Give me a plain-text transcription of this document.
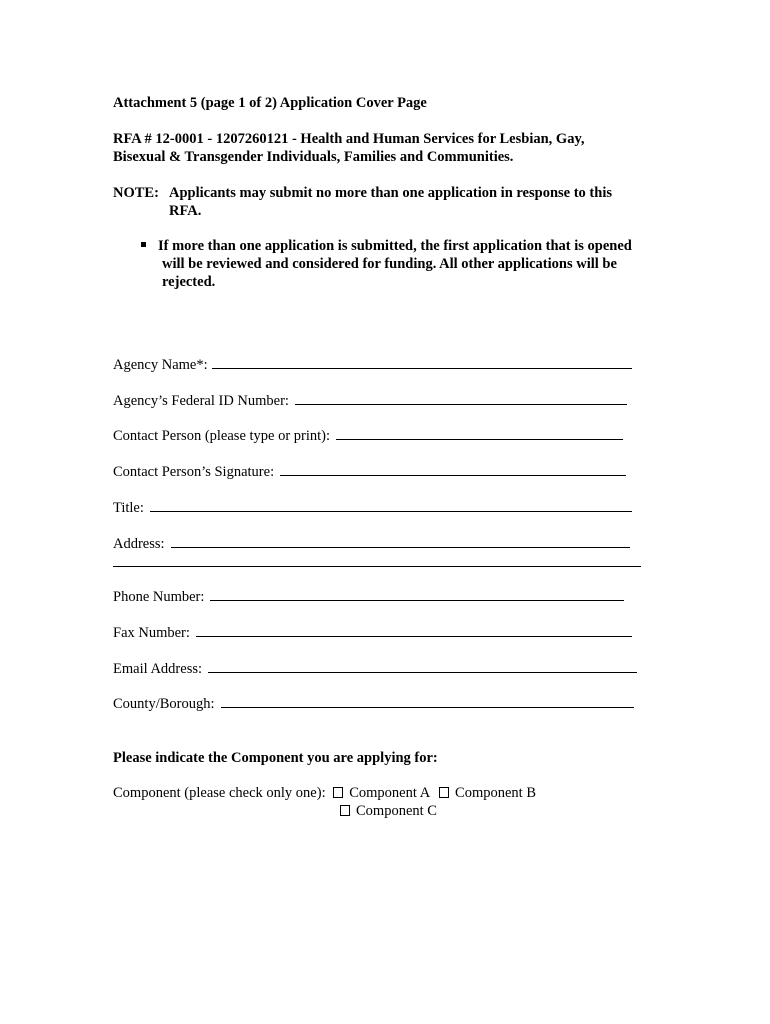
Attachment 5 (page 1 of 2) Application Cover Page
RFA # 12-0001 - 1207260121 - Health and Human Services for Lesbian, Gay,
Bisexual & Transgender Individuals, Families and Communities.
NOTE: Applicants may submit no more than one application in response to this
RFA.
If more than one application is submitted, the first application that is opened
will be reviewed and considered for funding. All other applications will be
rejected.
Agency Name*:
Agency’s Federal ID Number:
Contact Person (please type or print):
Contact Person’s Signature:
Title:
Address:
Phone Number:
Fax Number:
Email Address:
County/Borough:
Please indicate the Component you are applying for:
Component (please check only one): Component A Component B
Component C
